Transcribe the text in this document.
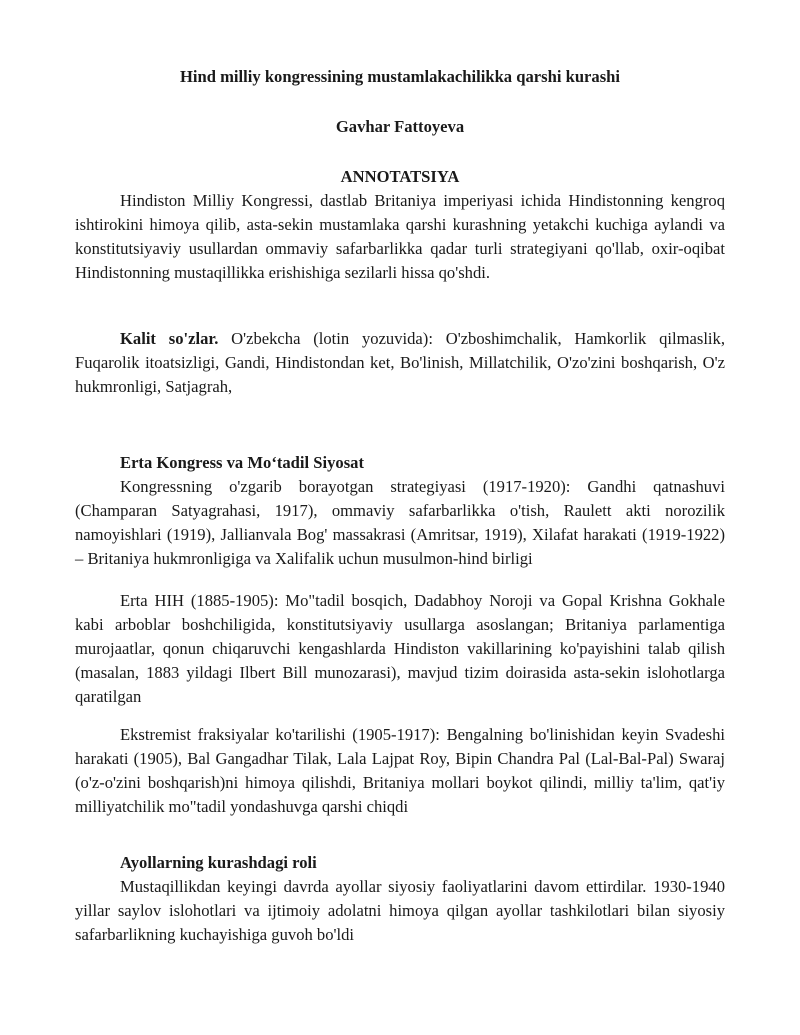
Hind milliy kongressining mustamlakachilikka qarshi kurashi

Gavhar Fattoyeva

ANNOTATSIYA

Hindiston Milliy Kongressi, dastlab Britaniya imperiyasi ichida Hindistonning kengroq ishtirokini himoya qilib, asta-sekin mustamlaka qarshi kurashning yetakchi kuchiga aylandi va konstitutsiyaviy usullardan ommaviy safarbarlikka qadar turli strategiyani qo'llab, oxir-oqibat Hindistonning mustaqillikka erishishiga sezilarli hissa qo'shdi.

Kalit so'zlar. O'zbekcha (lotin yozuvida): O'zboshimchalik, Hamkorlik qilmaslik, Fuqarolik itoatsizligi, Gandi, Hindistondan ket, Bo'linish, Millatchilik, O'zo'zini boshqarish, O'z hukmronligi, Satjagrah,

Erta Kongress va Mo‘tadil Siyosat

Kongressning o'zgarib borayotgan strategiyasi (1917-1920): Gandhi qatnashuvi (Champaran Satyagrahasi, 1917), ommaviy safarbarlikka o'tish, Raulett akti norozilik namoyishlari (1919), Jallianvala Bog' massakrasi (Amritsar, 1919), Xilafat harakati (1919-1922) – Britaniya hukmronligiga va Xalifalik uchun musulmon-hind birligi

Erta HIH (1885-1905): Mo"tadil bosqich, Dadabhoy Noroji va Gopal Krishna Gokhale kabi arboblar boshchiligida, konstitutsiyaviy usullarga asoslangan; Britaniya parlamentiga murojaatlar, qonun chiqaruvchi kengashlarda Hindiston vakillarining ko'payishini talab qilish (masalan, 1883 yildagi Ilbert Bill munozarasi), mavjud tizim doirasida asta-sekin islohotlarga qaratilgan

Ekstremist fraksiyalar ko'tarilishi (1905-1917): Bengalning bo'linishidan keyin Svadeshi harakati (1905), Bal Gangadhar Tilak, Lala Lajpat Roy, Bipin Chandra Pal (Lal-Bal-Pal) Swaraj (o'z-o'zini boshqarish)ni himoya qilishdi, Britaniya mollari boykot qilindi, milliy ta'lim, qat'iy milliyatchilik mo"tadil yondashuvga qarshi chiqdi

Ayollarning kurashdagi roli

Mustaqillikdan keyingi davrda ayollar siyosiy faoliyatlarini davom ettirdilar. 1930-1940 yillar saylov islohotlari va ijtimoiy adolatni himoya qilgan ayollar tashkilotlari bilan siyosiy safarbarlikning kuchayishiga guvoh bo'ldi
